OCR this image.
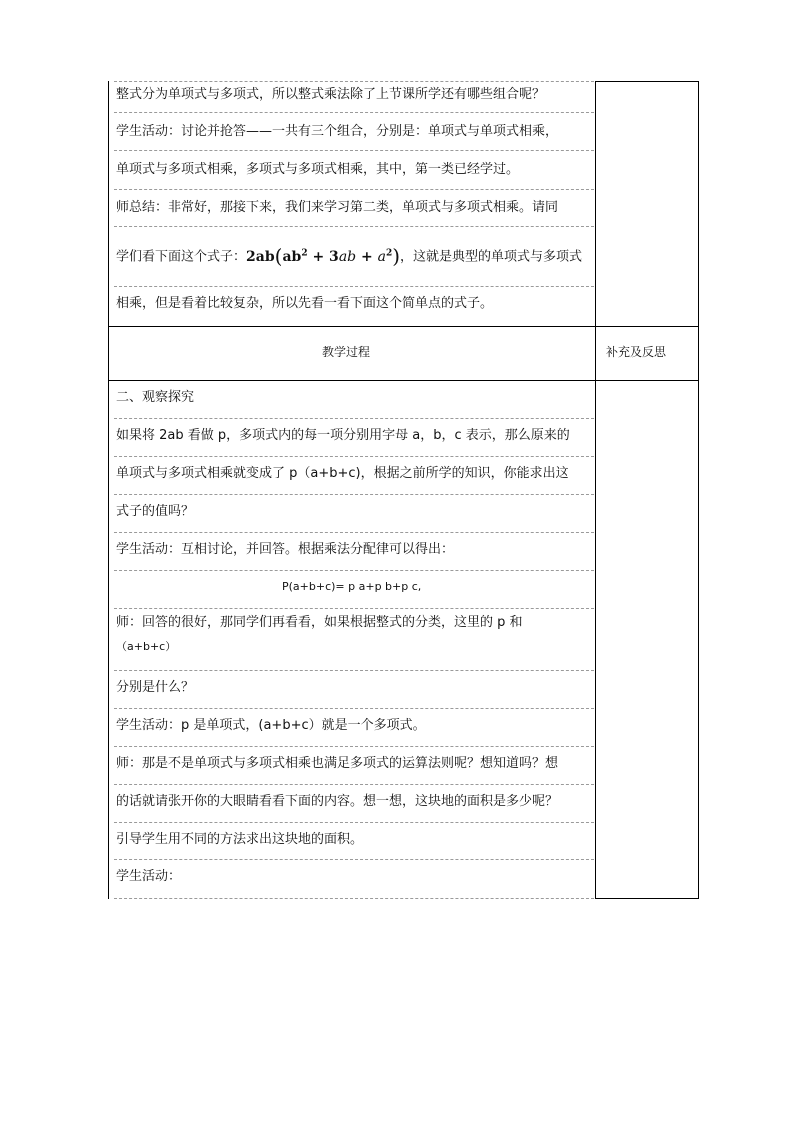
整式分为单项式与多项式，所以整式乘法除了上节课所学还有哪些组合呢？
学生活动：讨论并抢答——一共有三个组合，分别是：单项式与单项式相乘，
单项式与多项式相乘，多项式与多项式相乘，其中，第一类已经学过。
师总结：非常好，那接下来，我们来学习第二类，单项式与多项式相乘。请同
学们看下面这个式子：$2ab(ab^2 + 3ab + a^2)$，这就是典型的单项式与多项式
相乘，但是看着比较复杂，所以先看一看下面这个简单点的式子。
教学过程	补充及反思
二、观察探究
如果将 2ab 看做 p，多项式内的每一项分别用字母 a，b，c 表示，那么原来的
单项式与多项式相乘就变成了 p（a+b+c)，根据之前所学的知识，你能求出这
式子的值吗？
学生活动：互相讨论，并回答。根据乘法分配律可以得出：
P(a+b+c)= p a+p b+p c,
师：回答的很好，那同学们再看看，如果根据整式的分类，这里的 p 和
（a+b+c）
分别是什么？
学生活动：p 是单项式，(a+b+c）就是一个多项式。
师：那是不是单项式与多项式相乘也满足多项式的运算法则呢？想知道吗？想
的话就请张开你的大眼睛看看下面的内容。想一想，这块地的面积是多少呢？
引导学生用不同的方法求出这块地的面积。
学生活动：
